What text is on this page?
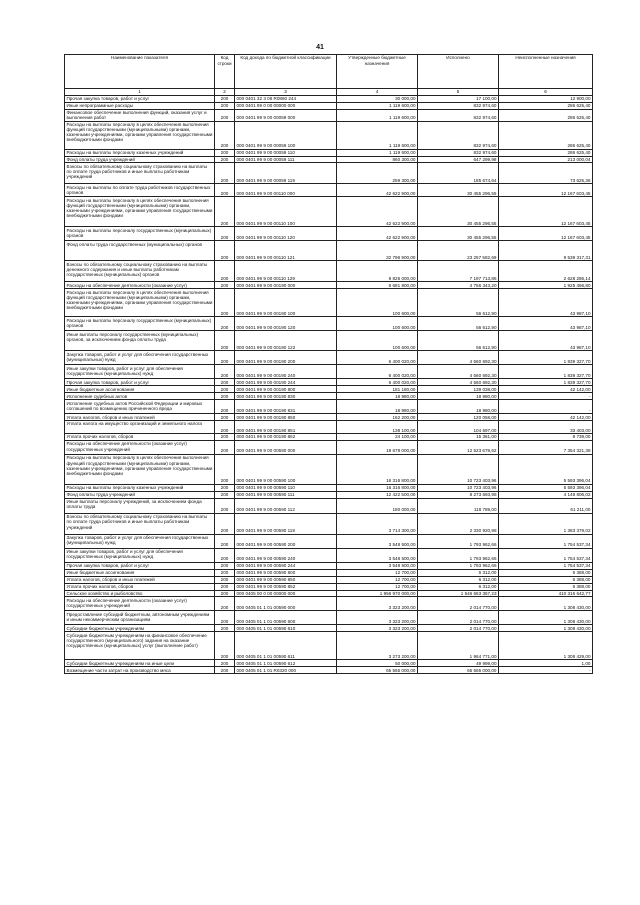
41
Наименование показателя	Код строки	Код дохода по бюджетной классификации	Утвержденные бюджетные назначения	Исполнено	Неисполненные назначения
1	2	3	4	5	6
Прочая закупка товаров, работ и услуг	200	000 0401 32 3 06 R0860 244	30 000,00	17 100,00	12 900,00
Иные непрограммные расходы	200	000 0401 99 0 00 00000 000	1 119 600,00	832 974,60	286 625,40
Финансовое обеспечение выполнения функций, оказания услуг и выполнения работ	200	000 0401 99 9 00 00059 000	1 119 600,00	832 974,60	286 625,40
Расходы на выплаты персоналу в целях обеспечения выполнения функций государственными (муниципальными) органами, казенными учреждениями, органами управления государственными внебюджетными фондами	200	000 0401 99 9 00 00059 100	1 119 600,00	832 974,60	286 625,40
Расходы на выплаты персоналу казенных учреждений	200	000 0401 99 9 00 00059 110	1 119 600,00	832 974,60	286 625,40
Фонд оплаты труда учреждений	200	000 0401 99 9 00 00059 111	860 300,00	647 299,98	213 000,04
Взносы по обязательному социальному страхованию на выплаты по оплате труда работников и иные выплаты работникам учреждений	200	000 0401 99 9 00 00059 119	259 300,00	185 674,64	73 625,36
Расходы на выплаты по оплате труда работников государственных органов	200	000 0401 99 9 00 00110 000	42 622 900,00	30 455 296,55	12 167 603,45
Расходы на выплаты персоналу в целях обеспечения выполнения функций государственными (муниципальными) органами, казенными учреждениями, органами управления государственными внебюджетными фондами	200	000 0401 99 9 00 00110 100	42 622 900,00	30 455 296,55	12 167 603,45
Расходы на выплаты персоналу государственных (муниципальных) органов	200	000 0401 99 9 00 00110 120	42 622 900,00	30 455 296,55	12 167 603,45
Фонд оплаты труда государственных (муниципальных) органов	200	000 0401 99 9 00 00110 121	32 796 900,00	23 257 582,69	9 539 317,31
Взносы по обязательному социальному страхованию на выплаты денежного содержания и иные выплаты работникам государственных (муниципальных) органов	200	000 0401 99 9 00 00110 129	9 826 000,00	7 197 713,86	2 628 286,14
Расходы на обеспечение деятельности (оказание услуг)	200	000 0401 99 9 00 00190 000	6 681 800,00	4 756 343,20	1 925 456,80
Расходы на выплаты персоналу в целях обеспечения выполнения функций государственными (муниципальными) органами, казенными учреждениями, органами управления государственными внебюджетными фондами	200	000 0401 99 9 00 00190 100	100 600,00	56 612,90	43 987,10
Расходы на выплаты персоналу государственных (муниципальных) органов	200	000 0401 99 9 00 00190 120	100 600,00	56 612,90	43 987,10
Иные выплаты персоналу государственных (муниципальных) органов, за исключением фонда оплаты труда	200	000 0401 99 9 00 00190 122	100 600,00	56 612,90	43 987,10
Закупка товаров, работ и услуг для обеспечения государственных (муниципальных) нужд	200	000 0401 99 9 00 00190 200	6 400 020,00	4 560 692,30	1 839 327,70
Иные закупки товаров, работ и услуг для обеспечения государственных (муниципальных) нужд	200	000 0401 99 9 00 00190 240	6 400 020,00	4 560 692,30	1 839 327,70
Прочая закупка товаров, работ и услуг	200	000 0401 99 9 00 00190 244	6 400 020,00	4 560 692,30	1 839 327,70
Иные бюджетные ассигнования	200	000 0401 99 9 00 00190 800	181 180,00	139 038,00	42 142,00
Исполнение судебных актов	200	000 0401 99 9 00 00190 830	18 980,00	18 980,00	-
Исполнение судебных актов Российской Федерации и мировых соглашений по возмещению причиненного вреда	200	000 0401 99 9 00 00190 831	18 980,00	18 980,00	-
Уплата налогов, сборов и иных платежей	200	000 0401 99 9 00 00190 850	162 200,00	120 058,00	42 142,00
Уплата налога на имущество организаций и земельного налога	200	000 0401 99 9 00 00190 851	138 100,00	104 697,00	33 403,00
Уплата прочих налогов, сборов	200	000 0401 99 9 00 00190 852	24 100,00	15 361,00	8 739,00
Расходы на обеспечение деятельности (оказание услуг) государственных учреждений	200	000 0401 99 9 00 00590 000	19 678 000,00	12 523 678,62	7 354 321,38
Расходы на выплаты персоналу в целях обеспечения выполнения функций государственными (муниципальными) органами, казенными учреждениями, органами управления государственными внебюджетными фондами	200	000 0401 99 9 00 00590 100	16 316 800,00	10 723 403,96	5 593 396,04
Расходы на выплаты персоналу казенных учреждений	200	000 0401 99 9 00 00590 110	16 316 800,00	10 723 403,96	5 593 396,04
Фонд оплаты труда учреждений	200	000 0401 99 9 00 00590 111	12 422 500,00	8 273 693,98	4 148 806,02
Иные выплаты персоналу учреждений, за исключением фонда оплаты труда	200	000 0401 99 9 00 00590 112	180 000,00	118 789,00	61 211,00
Взносы по обязательному социальному страхованию на выплаты по оплате труда работников и иные выплаты работникам учреждений	200	000 0401 99 9 00 00590 119	3 714 300,00	2 330 920,98	1 383 379,02
Закупка товаров, работ и услуг для обеспечения государственных (муниципальных) нужд	200	000 0401 99 9 00 00590 200	3 548 500,00	1 793 962,66	1 754 537,34
Иные закупки товаров, работ и услуг для обеспечения государственных (муниципальных) нужд	200	000 0401 99 9 00 00590 240	3 548 500,00	1 793 962,66	1 754 537,34
Прочая закупка товаров, работ и услуг	200	000 0401 99 9 00 00590 244	3 548 500,00	1 793 962,66	1 754 537,34
Иные бюджетные ассигнования	200	000 0401 99 9 00 00590 800	12 700,00	6 312,00	6 388,00
Уплата налогов, сборов и иных платежей	200	000 0401 99 9 00 00590 850	12 700,00	6 312,00	6 388,00
Уплата прочих налогов, сборов	200	000 0401 99 9 00 00590 852	12 700,00	6 312,00	6 388,00
Сельское хозяйство и рыболовство	200	000 0405 00 0 00 00000 000	1 956 970 000,00	1 546 653 357,23	410 316 642,77
Расходы на обеспечение деятельности (оказание услуг) государственных учреждений	200	000 0405 01 1 01 00590 000	3 323 200,00	2 014 770,00	1 308 430,00
Предоставление субсидий бюджетным, автономным учреждениям и иным некоммерческим организациям	200	000 0405 01 1 01 00590 600	3 323 200,00	2 014 770,00	1 308 430,00
Субсидии бюджетным учреждениям	200	000 0405 01 1 01 00590 610	3 323 200,00	2 014 770,00	1 308 430,00
Субсидии бюджетным учреждениям на финансовое обеспечение государственного (муниципального) задания на оказание государственных (муниципальных) услуг (выполнение работ)	200	000 0405 01 1 01 00590 611	3 273 200,00	1 964 771,00	1 308 429,00
Субсидии бюджетным учреждениям на иные цели	200	000 0405 01 1 01 00590 612	50 000,00	49 999,00	1,00
Возмещение части затрат на производство мяса	200	000 0405 01 1 01 R0320 000	65 565 000,00	65 565 000,00	-
